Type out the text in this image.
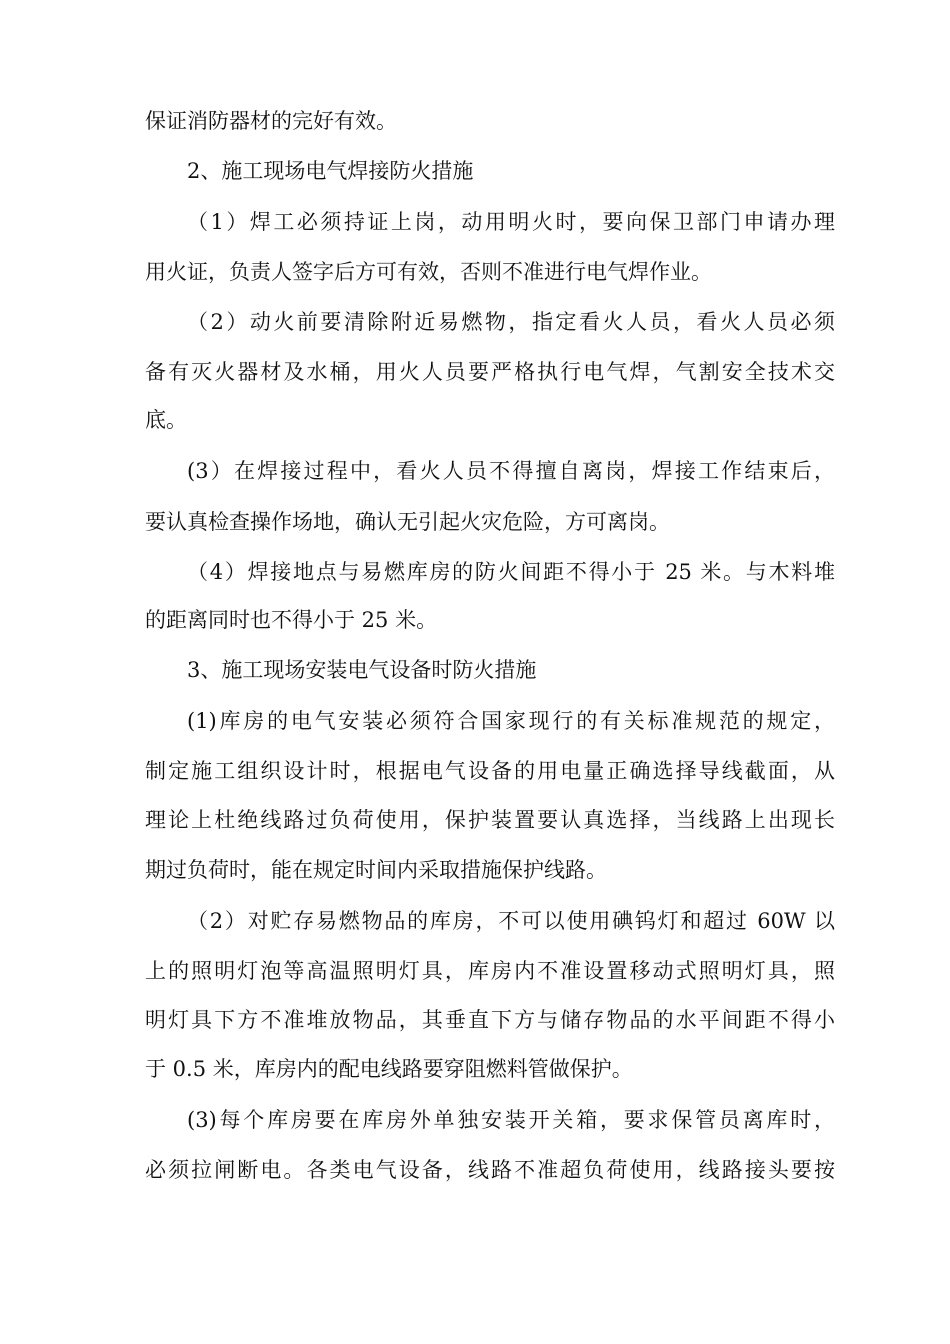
保证消防器材的完好有效。
2、施工现场电气焊接防火措施
（1）焊工必须持证上岗，动用明火时，要向保卫部门申请办理
用火证，负责人签字后方可有效，否则不准进行电气焊作业。
（2）动火前要清除附近易燃物，指定看火人员，看火人员必须
备有灭火器材及水桶，用火人员要严格执行电气焊，气割安全技术交
底。
(3）在焊接过程中，看火人员不得擅自离岗，焊接工作结束后，
要认真检查操作场地，确认无引起火灾危险，方可离岗。
（4）焊接地点与易燃库房的防火间距不得小于 25 米。与木料堆
的距离同时也不得小于 25 米。
3、施工现场安装电气设备时防火措施
(1)库房的电气安装必须符合国家现行的有关标准规范的规定，
制定施工组织设计时，根据电气设备的用电量正确选择导线截面，从
理论上杜绝线路过负荷使用，保护装置要认真选择，当线路上出现长
期过负荷时，能在规定时间内采取措施保护线路。
（2）对贮存易燃物品的库房，不可以使用碘钨灯和超过 60W 以
上的照明灯泡等高温照明灯具，库房内不准设置移动式照明灯具，照
明灯具下方不准堆放物品，其垂直下方与储存物品的水平间距不得小
于 0.5 米，库房内的配电线路要穿阻燃料管做保护。
(3)每个库房要在库房外单独安装开关箱，要求保管员离库时，
必须拉闸断电。各类电气设备，线路不准超负荷使用，线路接头要按
